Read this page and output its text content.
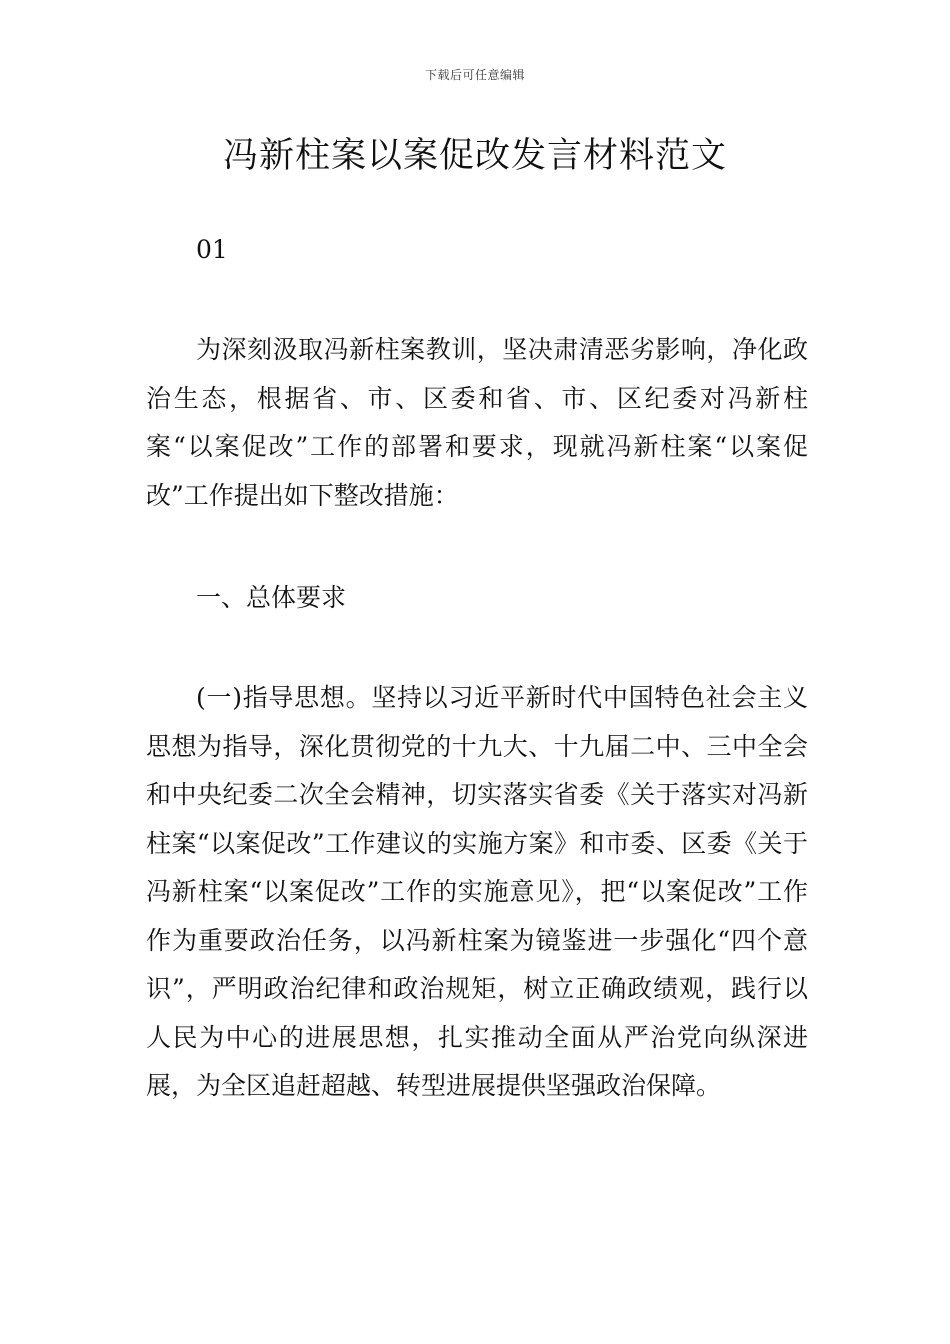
下载后可任意编辑
冯新柱案以案促改发言材料范文

01

为深刻汲取冯新柱案教训，坚决肃清恶劣影响，净化政治生态，根据省、市、区委和省、市、区纪委对冯新柱案“以案促改”工作的部署和要求，现就冯新柱案“以案促改”工作提出如下整改措施：

一、总体要求

(一)指导思想。坚持以习近平新时代中国特色社会主义思想为指导，深化贯彻党的十九大、十九届二中、三中全会和中央纪委二次全会精神，切实落实省委《关于落实对冯新柱案“以案促改”工作建议的实施方案》和市委、区委《关于冯新柱案“以案促改”工作的实施意见》，把“以案促改”工作作为重要政治任务，以冯新柱案为镜鉴进一步强化“四个意识”，严明政治纪律和政治规矩，树立正确政绩观，践行以人民为中心的进展思想，扎实推动全面从严治党向纵深进展，为全区追赶超越、转型进展提供坚强政治保障。
